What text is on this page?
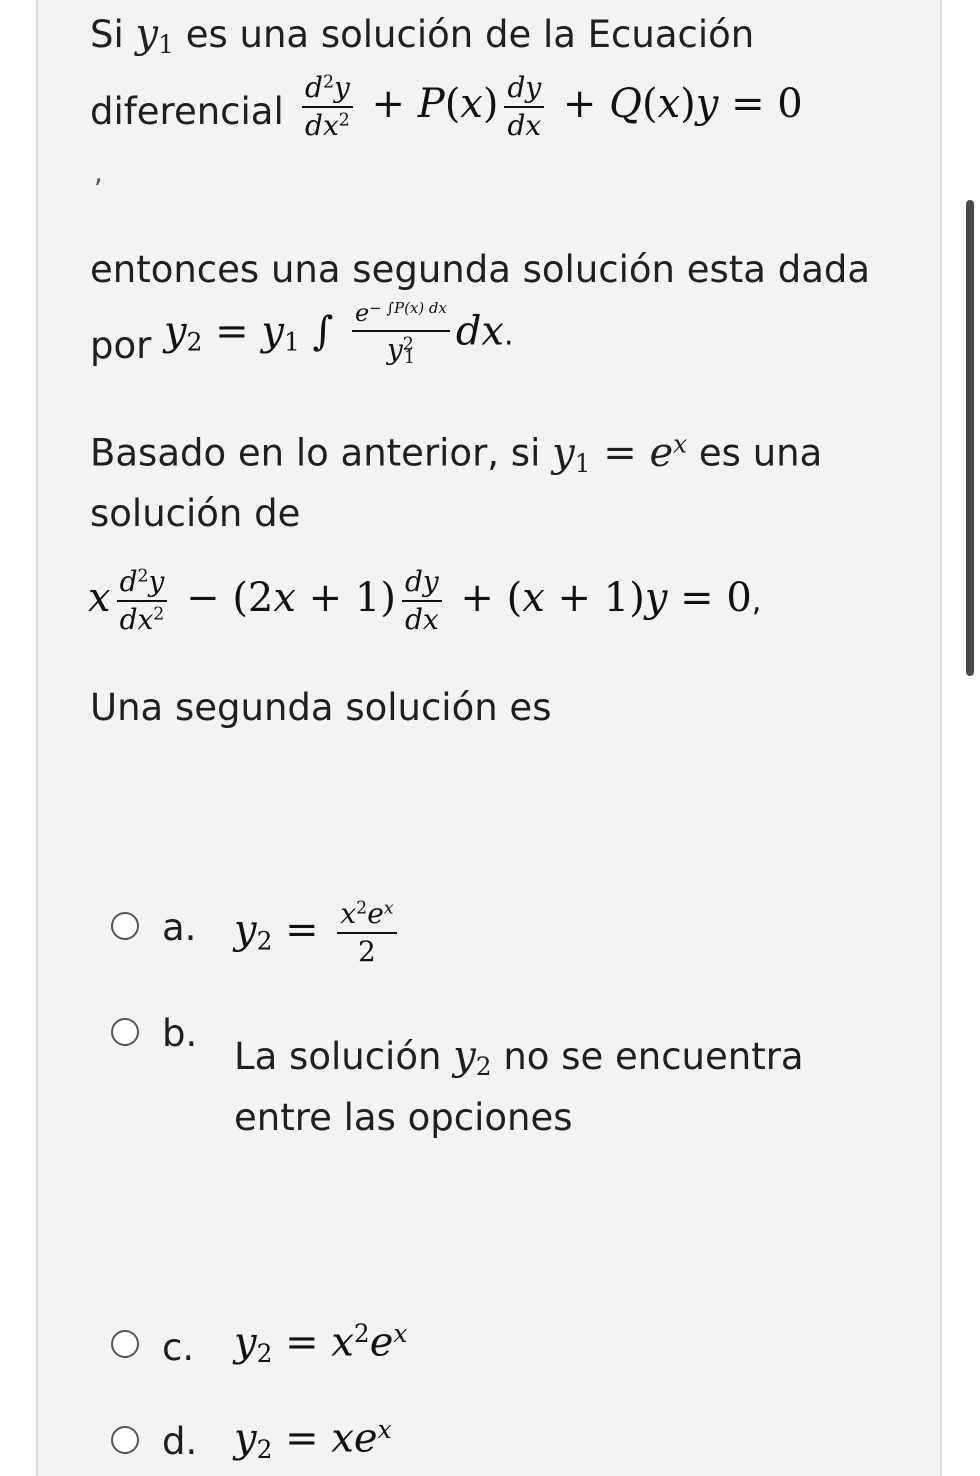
Si $y_1$ es una solución de la Ecuación
diferencial $\frac{d^2y}{dx^2} + P(x) \frac{dy}{dx} + Q(x)y = 0$
,
entonces una segunda solución esta dada
por $y_2 = y_1$ ∫ $\frac{e^{- \int P(x) dx}}{y^2_1}$ dx.
Basado en lo anterior, si $y_1 = e^x$ es una
solución de
x $\frac{d^2y}{dx^2} - (2x + 1) \frac{dy}{dx} + (x + 1)y = 0$,
Una segunda solución es
a. $y_2 = \frac{x^2e^x}{2}$
b.
La solución $y_2$ no se encuentra
entre las opciones
c. $y_2 = x^2e^x$
d. $y_2 = xe^x$
